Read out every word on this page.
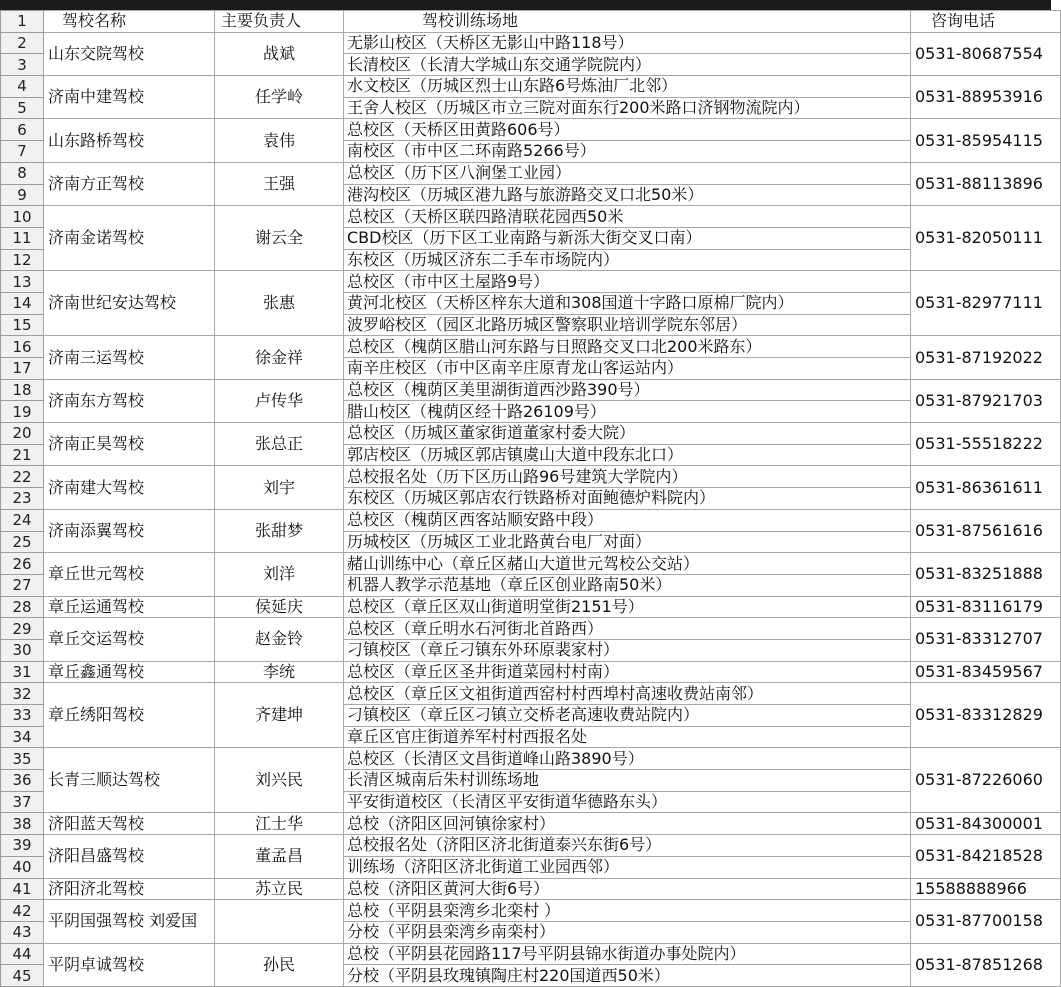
1	驾校名称	主要负责人	驾校训练场地	咨询电话
2	山东交院驾校	战斌	无影山校区（天桥区无影山中路118号）	0531-80687554
3			长清校区（长清大学城山东交通学院院内）	
4	济南中建驾校	任学岭	水文校区（历城区烈士山东路6号炼油厂北邻）	0531-88953916
5			王舍人校区（历城区市立三院对面东行200米路口济钢物流院内）	
6	山东路桥驾校	袁伟	总校区（天桥区田黄路606号）	0531-85954115
7			南校区（市中区二环南路5266号）	
8	济南方正驾校	王强	总校区（历下区八涧堡工业园）	0531-88113896
9			港沟校区（历城区港九路与旅游路交叉口北50米）	
10	济南金诺驾校	谢云全	总校区（天桥区联四路清联花园西50米	0531-82050111
11			CBD校区（历下区工业南路与新泺大街交叉口南）	
12			东校区（历城区济东二手车市场院内）	
13	济南世纪安达驾校	张惠	总校区（市中区土屋路9号）	0531-82977111
14			黄河北校区（天桥区梓东大道和308国道十字路口原棉厂院内）	
15			波罗峪校区（园区北路历城区警察职业培训学院东邻居）	
16	济南三运驾校	徐金祥	总校区（槐荫区腊山河东路与日照路交叉口北200米路东）	0531-87192022
17			南辛庄校区（市中区南辛庄原青龙山客运站内）	
18	济南东方驾校	卢传华	总校区（槐荫区美里湖街道西沙路390号）	0531-87921703
19			腊山校区（槐荫区经十路26109号）	
20	济南正昊驾校	张总正	总校区（历城区董家街道董家村委大院）	0531-55518222
21			郭店校区（历城区郭店镇虞山大道中段东北口）	
22	济南建大驾校	刘宇	总校报名处（历下区历山路96号建筑大学院内）	0531-86361611
23			东校区（历城区郭店农行铁路桥对面鲍德炉料院内）	
24	济南添翼驾校	张甜梦	总校区（槐荫区西客站顺安路中段）	0531-87561616
25			历城校区（历城区工业北路黄台电厂对面）	
26	章丘世元驾校	刘洋	赭山训练中心（章丘区赭山大道世元驾校公交站）	0531-83251888
27			机器人教学示范基地（章丘区创业路南50米）	
28	章丘运通驾校	侯延庆	总校区（章丘区双山街道明堂街2151号）	0531-83116179
29	章丘交运驾校	赵金铃	总校区（章丘明水石河街北首路西）	0531-83312707
30			刁镇校区（章丘刁镇东外环原裴家村）	
31	章丘鑫通驾校	李统	总校区（章丘区圣井街道菜园村村南）	0531-83459567
32	章丘绣阳驾校	齐建坤	总校区（章丘区文祖街道西窑村村西埠村高速收费站南邻）	0531-83312829
33			刁镇校区（章丘区刁镇立交桥老高速收费站院内）	
34			章丘区官庄街道养军村村西报名处	
35	长青三顺达驾校	刘兴民	总校区（长清区文昌街道峰山路3890号）	0531-87226060
36			长清区城南后朱村训练场地	
37			平安街道校区（长清区平安街道华德路东头）	
38	济阳蓝天驾校	江士华	总校（济阳区回河镇徐家村）	0531-84300001
39	济阳昌盛驾校	董孟昌	总校报名处（济阳区济北街道泰兴东街6号）	0531-84218528
40			训练场（济阳区济北街道工业园西邻）	
41	济阳济北驾校	苏立民	总校（济阳区黄河大街6号）	15588888966
42	平阴国强驾校 刘爱国		总校（平阴县栾湾乡北栾村 ）	0531-87700158
43			分校（平阴县栾湾乡南栾村）	
44	平阴卓诚驾校	孙民	总校（平阴县花园路117号平阴县锦水街道办事处院内）	0531-87851268
45			分校（平阴县玫瑰镇陶庄村220国道西50米）	
